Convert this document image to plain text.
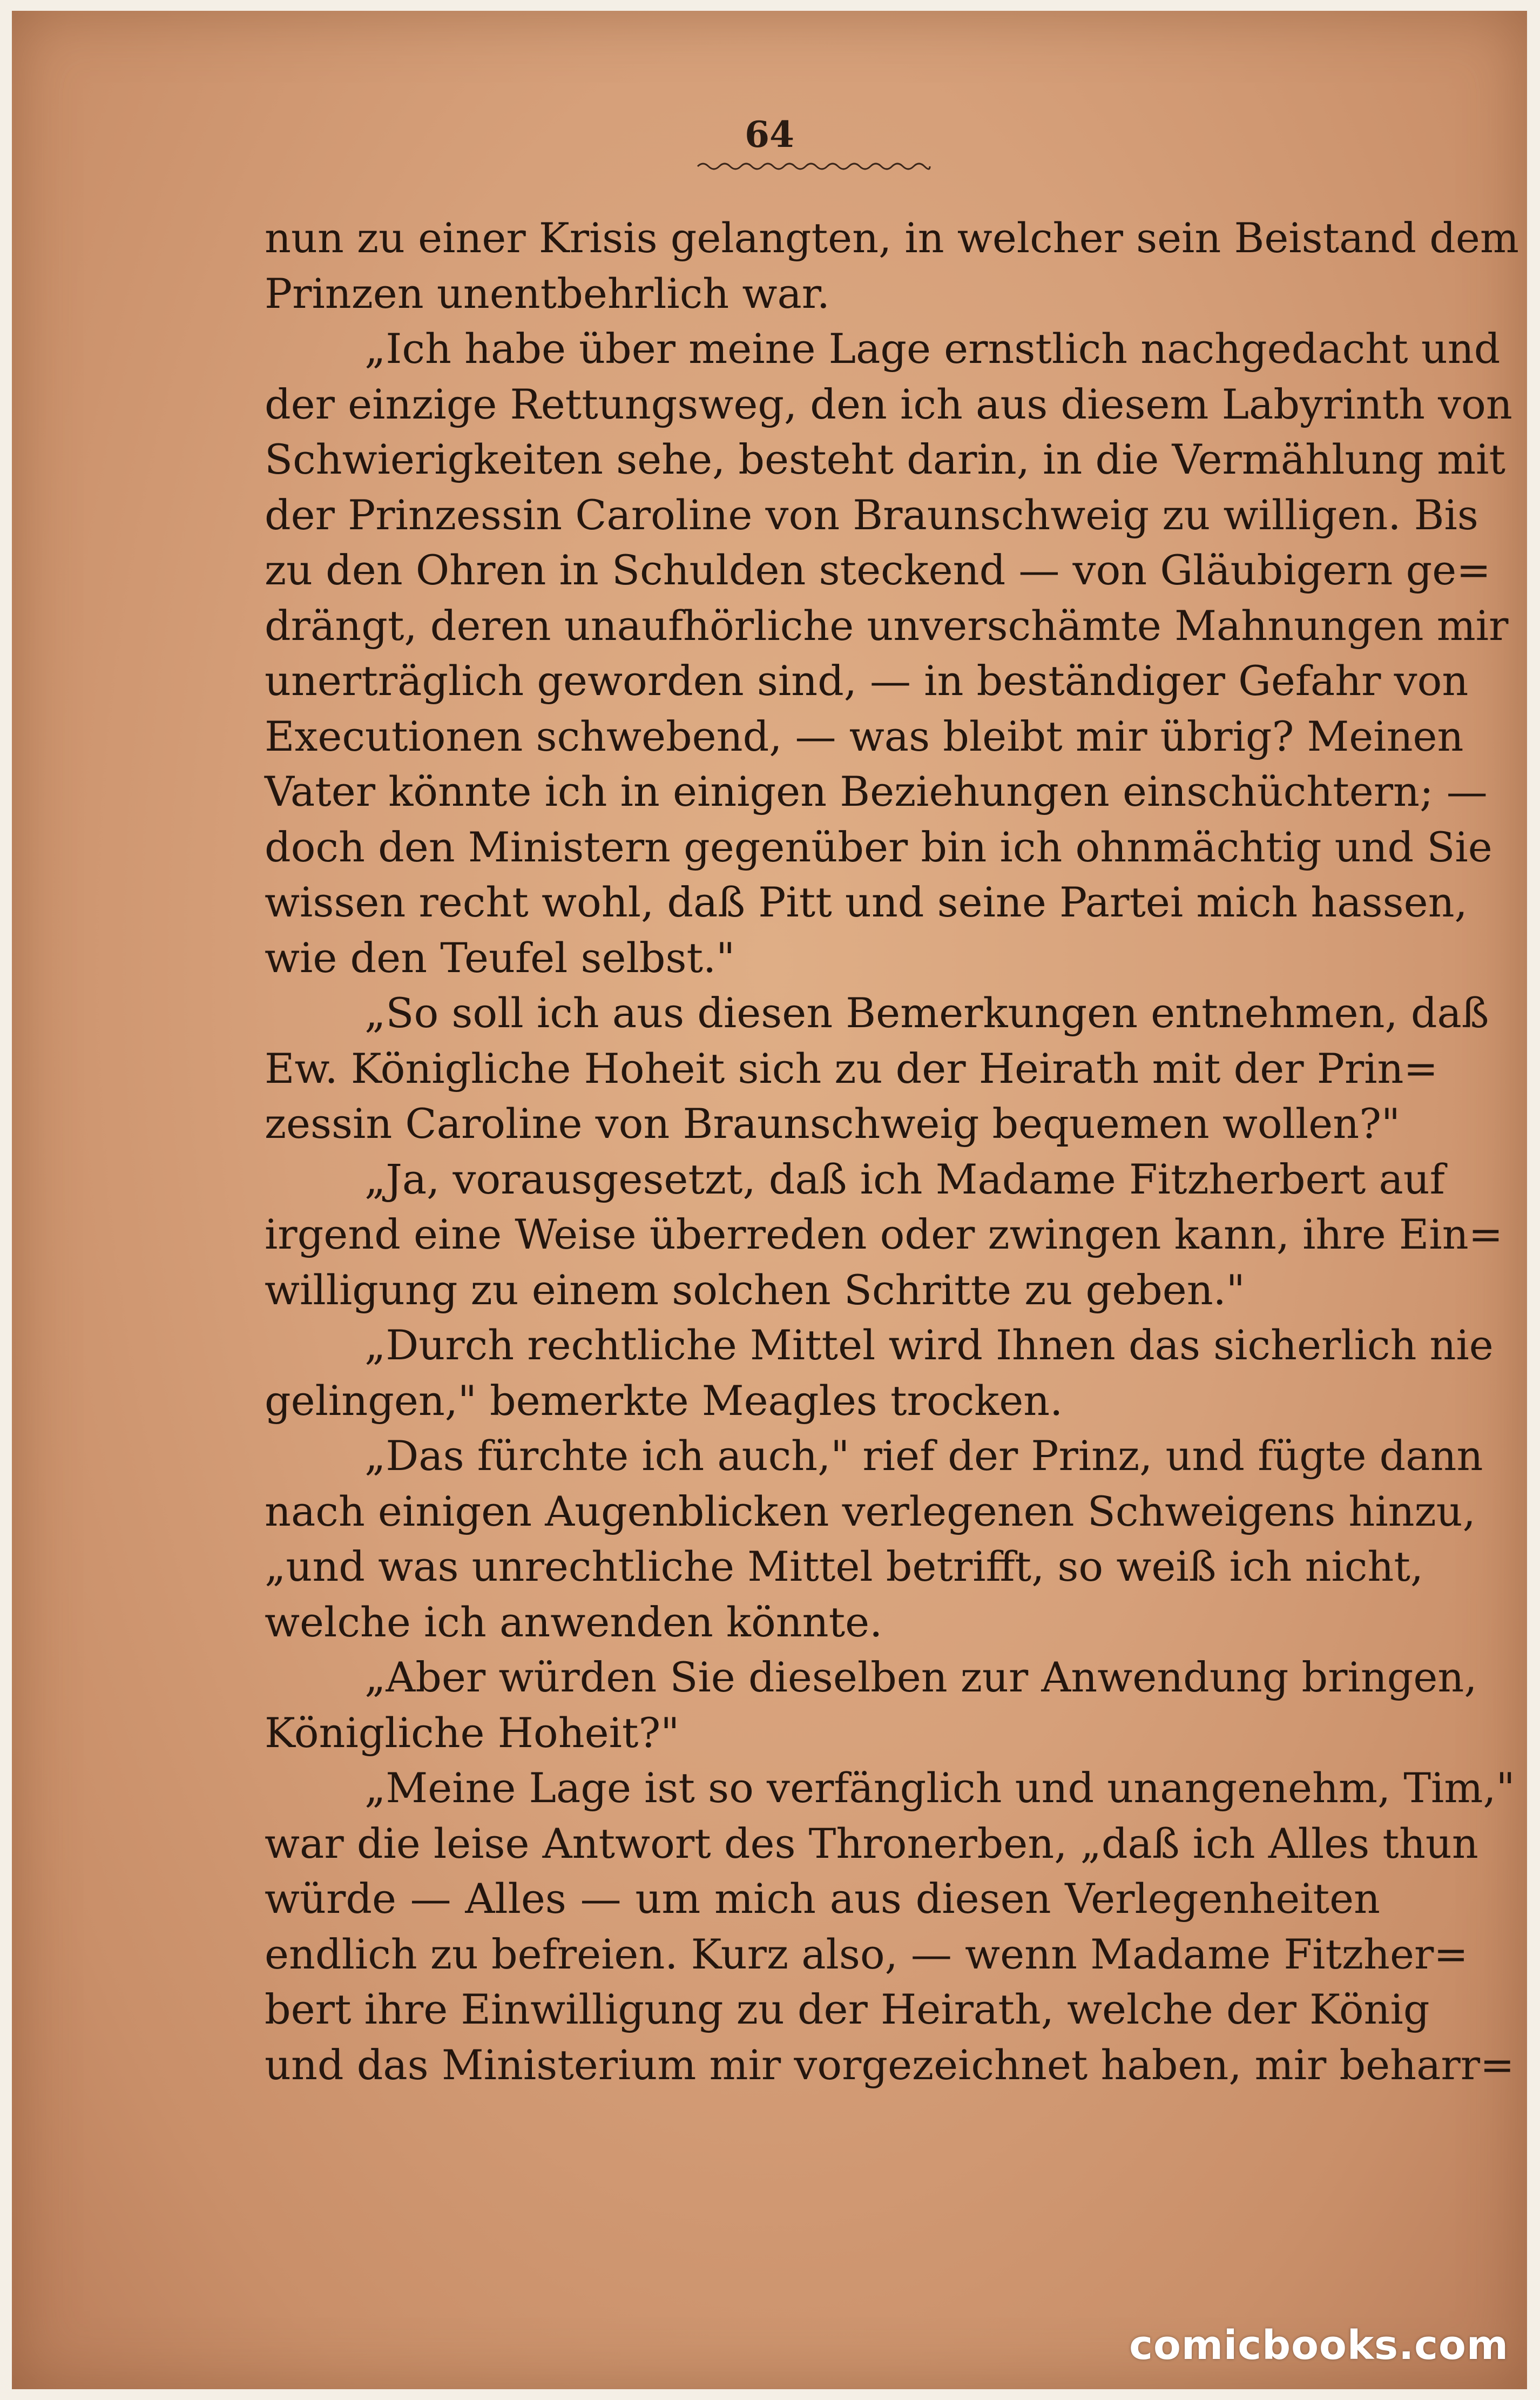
64
nun zu einer Krisis gelangten, in welcher sein Beistand dem
Prinzen unentbehrlich war.
„Ich habe über meine Lage ernstlich nachgedacht und
der einzige Rettungsweg, den ich aus diesem Labyrinth von
Schwierigkeiten sehe, besteht darin, in die Vermählung mit
der Prinzessin Caroline von Braunschweig zu willigen. Bis
zu den Ohren in Schulden steckend — von Gläubigern ge=
drängt, deren unaufhörliche unverschämte Mahnungen mir
unerträglich geworden sind, — in beständiger Gefahr von
Executionen schwebend, — was bleibt mir übrig? Meinen
Vater könnte ich in einigen Beziehungen einschüchtern; —
doch den Ministern gegenüber bin ich ohnmächtig und Sie
wissen recht wohl, daß Pitt und seine Partei mich hassen,
wie den Teufel selbst."
„So soll ich aus diesen Bemerkungen entnehmen, daß
Ew. Königliche Hoheit sich zu der Heirath mit der Prin=
zessin Caroline von Braunschweig bequemen wollen?"
„Ja, vorausgesetzt, daß ich Madame Fitzherbert auf
irgend eine Weise überreden oder zwingen kann, ihre Ein=
willigung zu einem solchen Schritte zu geben."
„Durch rechtliche Mittel wird Ihnen das sicherlich nie
gelingen," bemerkte Meagles trocken.
„Das fürchte ich auch," rief der Prinz, und fügte dann
nach einigen Augenblicken verlegenen Schweigens hinzu,
„und was unrechtliche Mittel betrifft, so weiß ich nicht,
welche ich anwenden könnte.
„Aber würden Sie dieselben zur Anwendung bringen,
Königliche Hoheit?"
„Meine Lage ist so verfänglich und unangenehm, Tim,"
war die leise Antwort des Thronerben, „daß ich Alles thun
würde — Alles — um mich aus diesen Verlegenheiten
endlich zu befreien. Kurz also, — wenn Madame Fitzher=
bert ihre Einwilligung zu der Heirath, welche der König
und das Ministerium mir vorgezeichnet haben, mir beharr=
comicbooks.com
